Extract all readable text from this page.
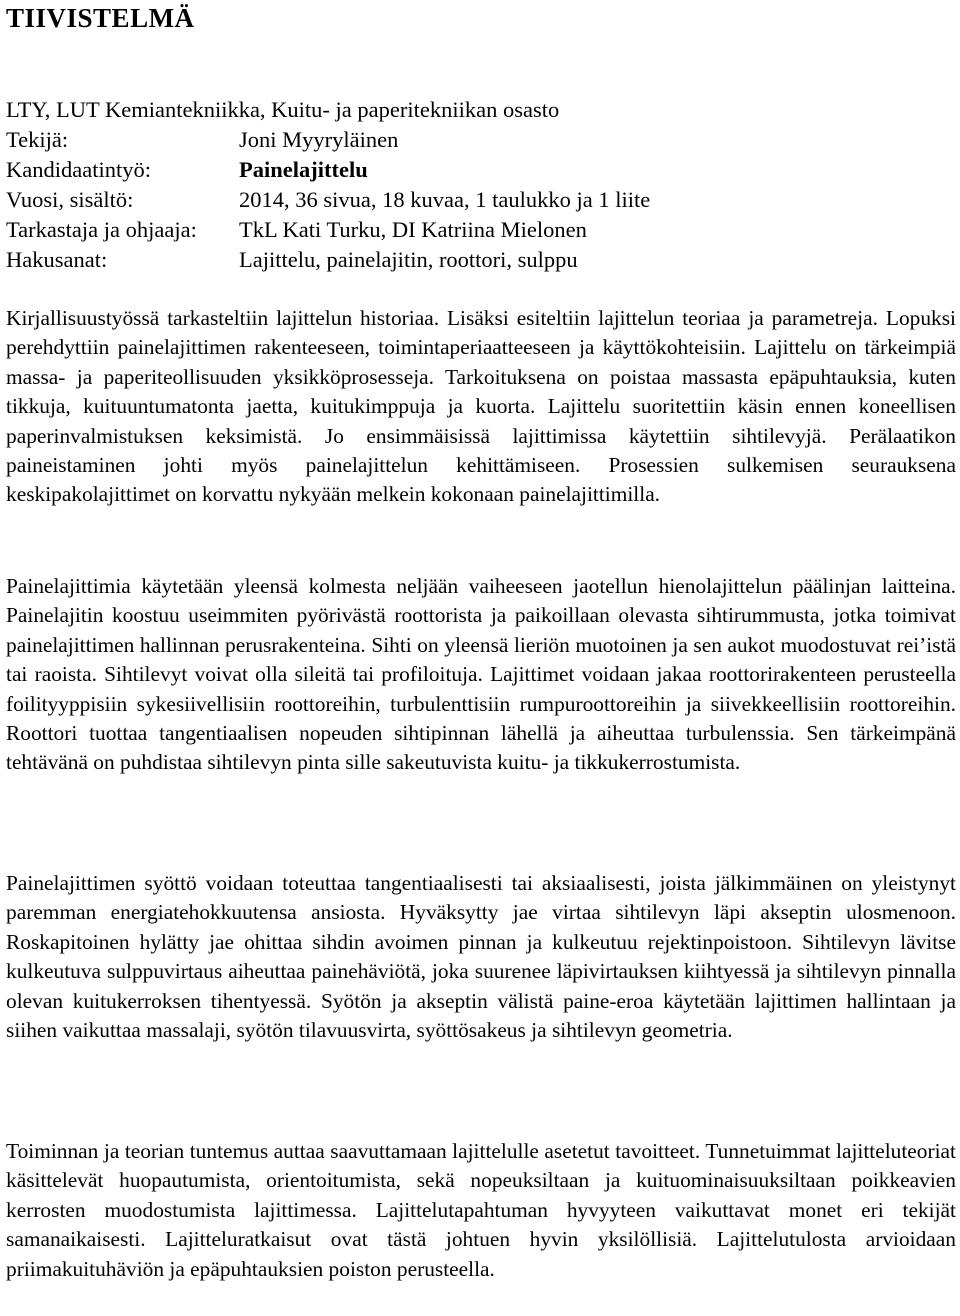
TIIVISTELMÄ
LTY, LUT Kemiantekniikka, Kuitu- ja paperitekniikan osasto
Tekijä:	Joni Myyryläinen
Kandidaatintyö:	Painelajittelu
Vuosi, sisältö:	2014, 36 sivua, 18 kuvaa, 1 taulukko ja 1 liite
Tarkastaja ja ohjaaja:	TkL Kati Turku, DI Katriina Mielonen
Hakusanat:	Lajittelu, painelajitin, roottori, sulppu

Kirjallisuustyössä tarkasteltiin lajittelun historiaa. Lisäksi esiteltiin lajittelun teoriaa ja parametreja. Lopuksi perehdyttiin painelajittimen rakenteeseen, toimintaperiaatteeseen ja käyttökohteisiin. Lajittelu on tärkeimpiä massa- ja paperiteollisuuden yksikköprosesseja. Tarkoituksena on poistaa massasta epäpuhtauksia, kuten tikkuja, kuituuntumatonta jaetta, kuitukimppuja ja kuorta. Lajittelu suoritettiin käsin ennen koneellisen paperinvalmistuksen keksimistä. Jo ensimmäisissä lajittimissa käytettiin sihtilevyjä. Perälaatikon paineistaminen johti myös painelajittelun kehittämiseen. Prosessien sulkemisen seurauksena keskipakolajittimet on korvattu nykyään melkein kokonaan painelajittimilla.

Painelajittimia käytetään yleensä kolmesta neljään vaiheeseen jaotellun hienolajittelun päälinjan laitteina. Painelajitin koostuu useimmiten pyörivästä roottorista ja paikoillaan olevasta sihtirummusta, jotka toimivat painelajittimen hallinnan perusrakenteina. Sihti on yleensä lieriön muotoinen ja sen aukot muodostuvat rei’istä tai raoista. Sihtilevyt voivat olla sileitä tai profiloituja. Lajittimet voidaan jakaa roottorirakenteen perusteella foilityyppisiin sykesiivellisiin roottoreihin, turbulenttisiin rumpuroottoreihin ja siivekkeellisiin roottoreihin. Roottori tuottaa tangentiaalisen nopeuden sihtipinnan lähellä ja aiheuttaa turbulenssia. Sen tärkeimpänä tehtävänä on puhdistaa sihtilevyn pinta sille sakeutuvista kuitu- ja tikkukerrostumista.

Painelajittimen syöttö voidaan toteuttaa tangentiaalisesti tai aksiaalisesti, joista jälkimmäinen on yleistynyt paremman energiatehokkuutensa ansiosta. Hyväksytty jae virtaa sihtilevyn läpi akseptin ulosmenoon. Roskapitoinen hylätty jae ohittaa sihdin avoimen pinnan ja kulkeutuu rejektinpoistoon. Sihtilevyn lävitse kulkeutuva sulppuvirtaus aiheuttaa painehäviötä, joka suurenee läpivirtauksen kiihtyessä ja sihtilevyn pinnalla olevan kuitukerroksen tihentyessä. Syötön ja akseptin välistä paine-eroa käytetään lajittimen hallintaan ja siihen vaikuttaa massalaji, syötön tilavuusvirta, syöttösakeus ja sihtilevyn geometria.

Toiminnan ja teorian tuntemus auttaa saavuttamaan lajittelulle asetetut tavoitteet. Tunnetuimmat lajitteluteoriat käsittelevät huopautumista, orientoitumista, sekä nopeuksiltaan ja kuituominaisuuksiltaan poikkeavien kerrosten muodostumista lajittimessa. Lajittelutapahtuman hyvyyteen vaikuttavat monet eri tekijät samanaikaisesti. Lajitteluratkaisut ovat tästä johtuen hyvin yksilöllisiä. Lajittelutulosta arvioidaan priimakuituhäviön ja epäpuhtauksien poiston perusteella.
